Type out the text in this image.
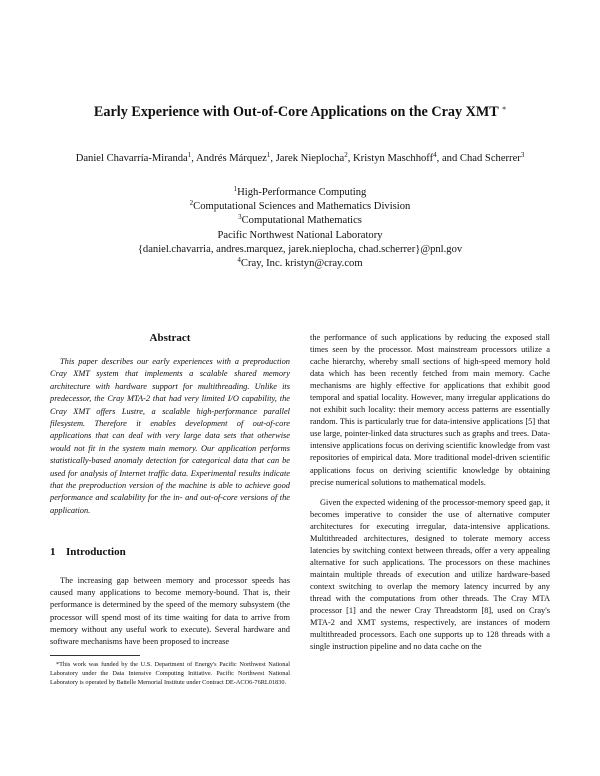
Early Experience with Out-of-Core Applications on the Cray XMT *
Daniel Chavarría-Miranda$^1$, Andrés Márquez$^1$, Jarek Nieplocha$^2$, Kristyn Maschhoff$^4$, and Chad Scherrer$^3$
$^1$High-Performance Computing
$^2$Computational Sciences and Mathematics Division
$^3$Computational Mathematics
Pacific Northwest National Laboratory
{daniel.chavarria, andres.marquez, jarek.nieplocha, chad.scherrer}@pnl.gov
$^4$Cray, Inc. kristyn@cray.com
Abstract

This paper describes our early experiences with a preproduction Cray XMT system that implements a scalable shared memory architecture with hardware support for multithreading. Unlike its predecessor, the Cray MTA-2 that had very limited I/O capability, the Cray XMT offers Lustre, a scalable high-performance parallel filesystem. Therefore it enables development of out-of-core applications that can deal with very large data sets that otherwise would not fit in the system main memory. Our application performs statistically-based anomaly detection for categorical data that can be used for analysis of Internet traffic data. Experimental results indicate that the preproduction version of the machine is able to achieve good performance and scalability for the in- and out-of-core versions of the application.

1 Introduction

The increasing gap between memory and processor speeds has caused many applications to become memory-bound. That is, their performance is determined by the speed of the memory subsystem (the processor will spend most of its time waiting for data to arrive from memory without any useful work to execute). Several hardware and software mechanisms have been proposed to increase

*This work was funded by the U.S. Department of Energy's Pacific Northwest National Laboratory under the Data Intensive Computing Initiative. Pacific Northwest National Laboratory is operated by Battelle Memorial Institute under Contract DE-ACO6-76RL01830.

the performance of such applications by reducing the exposed stall times seen by the processor. Most mainstream processors utilize a cache hierarchy, whereby small sections of high-speed memory hold data which has been recently fetched from main memory. Cache mechanisms are highly effective for applications that exhibit good temporal and spatial locality. However, many irregular applications do not exhibit such locality: their memory access patterns are essentially random. This is particularly true for data-intensive applications [5] that use large, pointer-linked data structures such as graphs and trees. Data-intensive applications focus on deriving scientific knowledge from vast repositories of empirical data. More traditional model-driven scientific applications focus on deriving scientific knowledge by obtaining precise numerical solutions to mathematical models.

Given the expected widening of the processor-memory speed gap, it becomes imperative to consider the use of alternative computer architectures for executing irregular, data-intensive applications. Multithreaded architectures, designed to tolerate memory access latencies by switching context between threads, offer a very appealing alternative for such applications. The processors on these machines maintain multiple threads of execution and utilize hardware-based context switching to overlap the memory latency incurred by any thread with the computations from other threads. The Cray MTA processor [1] and the newer Cray Threadstorm [8], used on Cray's MTA-2 and XMT systems, respectively, are instances of modern multithreaded processors. Each one supports up to 128 threads with a single instruction pipeline and no data cache on the
